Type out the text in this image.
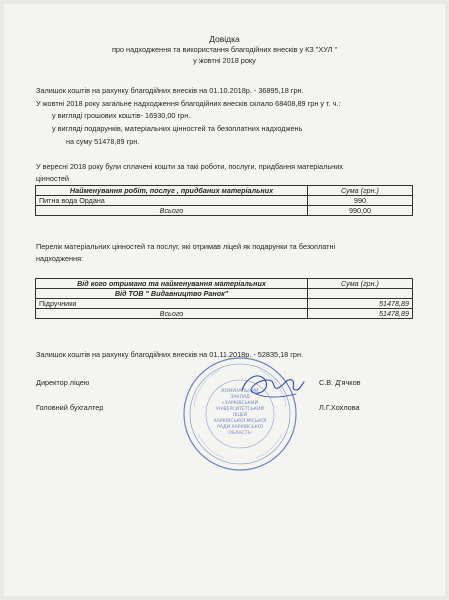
Довідка
про надходження та використання благодійних внесків у КЗ "ХУЛ "
у жовтні 2018 року
Залишок коштів на рахунку благодійних внесків на 01.10.2018р. - 36895,18 грн.
У жовтні 2018 року загальне надходження благодійних внесків склало 68408,89 грн у т. ч.:
у вигляді грошових коштів- 16930,00 грн.
у вигляді подарунків, матеріальних цінностей та безоплатних надходжень
на суму 51478,89 грн.
У вересні 2018 року були сплачені кошти за такі роботи, послуги, придбання матеріальних
цінностей
Найменування робіт, послуг , придбаних матеріальних	Сума (грн.)
Питна вода Ордана	990
Всього	990,00
Перелік матеріальних цінностей та послуг, які отримав ліцей як подарунки та безоплатні
надходження:
Від кого отримано та найменування матеріальних	Сума (грн.)
Від ТОВ " Видавництво Ранок"	
Підручники	51478,89
Всього	51478,89
Залишок коштів на рахунку благодійних внесків на 01.11.2018р. - 52835,18 грн.
Директор ліцею	С.В. Д'ячков
Головний бухгалтер	Л.Г.Хохлова
КОМУНАЛЬНИЙ
ЗАКЛАД
«ХАРКІВСЬКИЙ
УНІВЕРСИТЕТСЬКИЙ
ЛІЦЕЙ
ХАРКІВСЬКОЇ МІСЬКОЇ
РАДИ ХАРКІВСЬКОЇ
ОБЛАСТІ»
